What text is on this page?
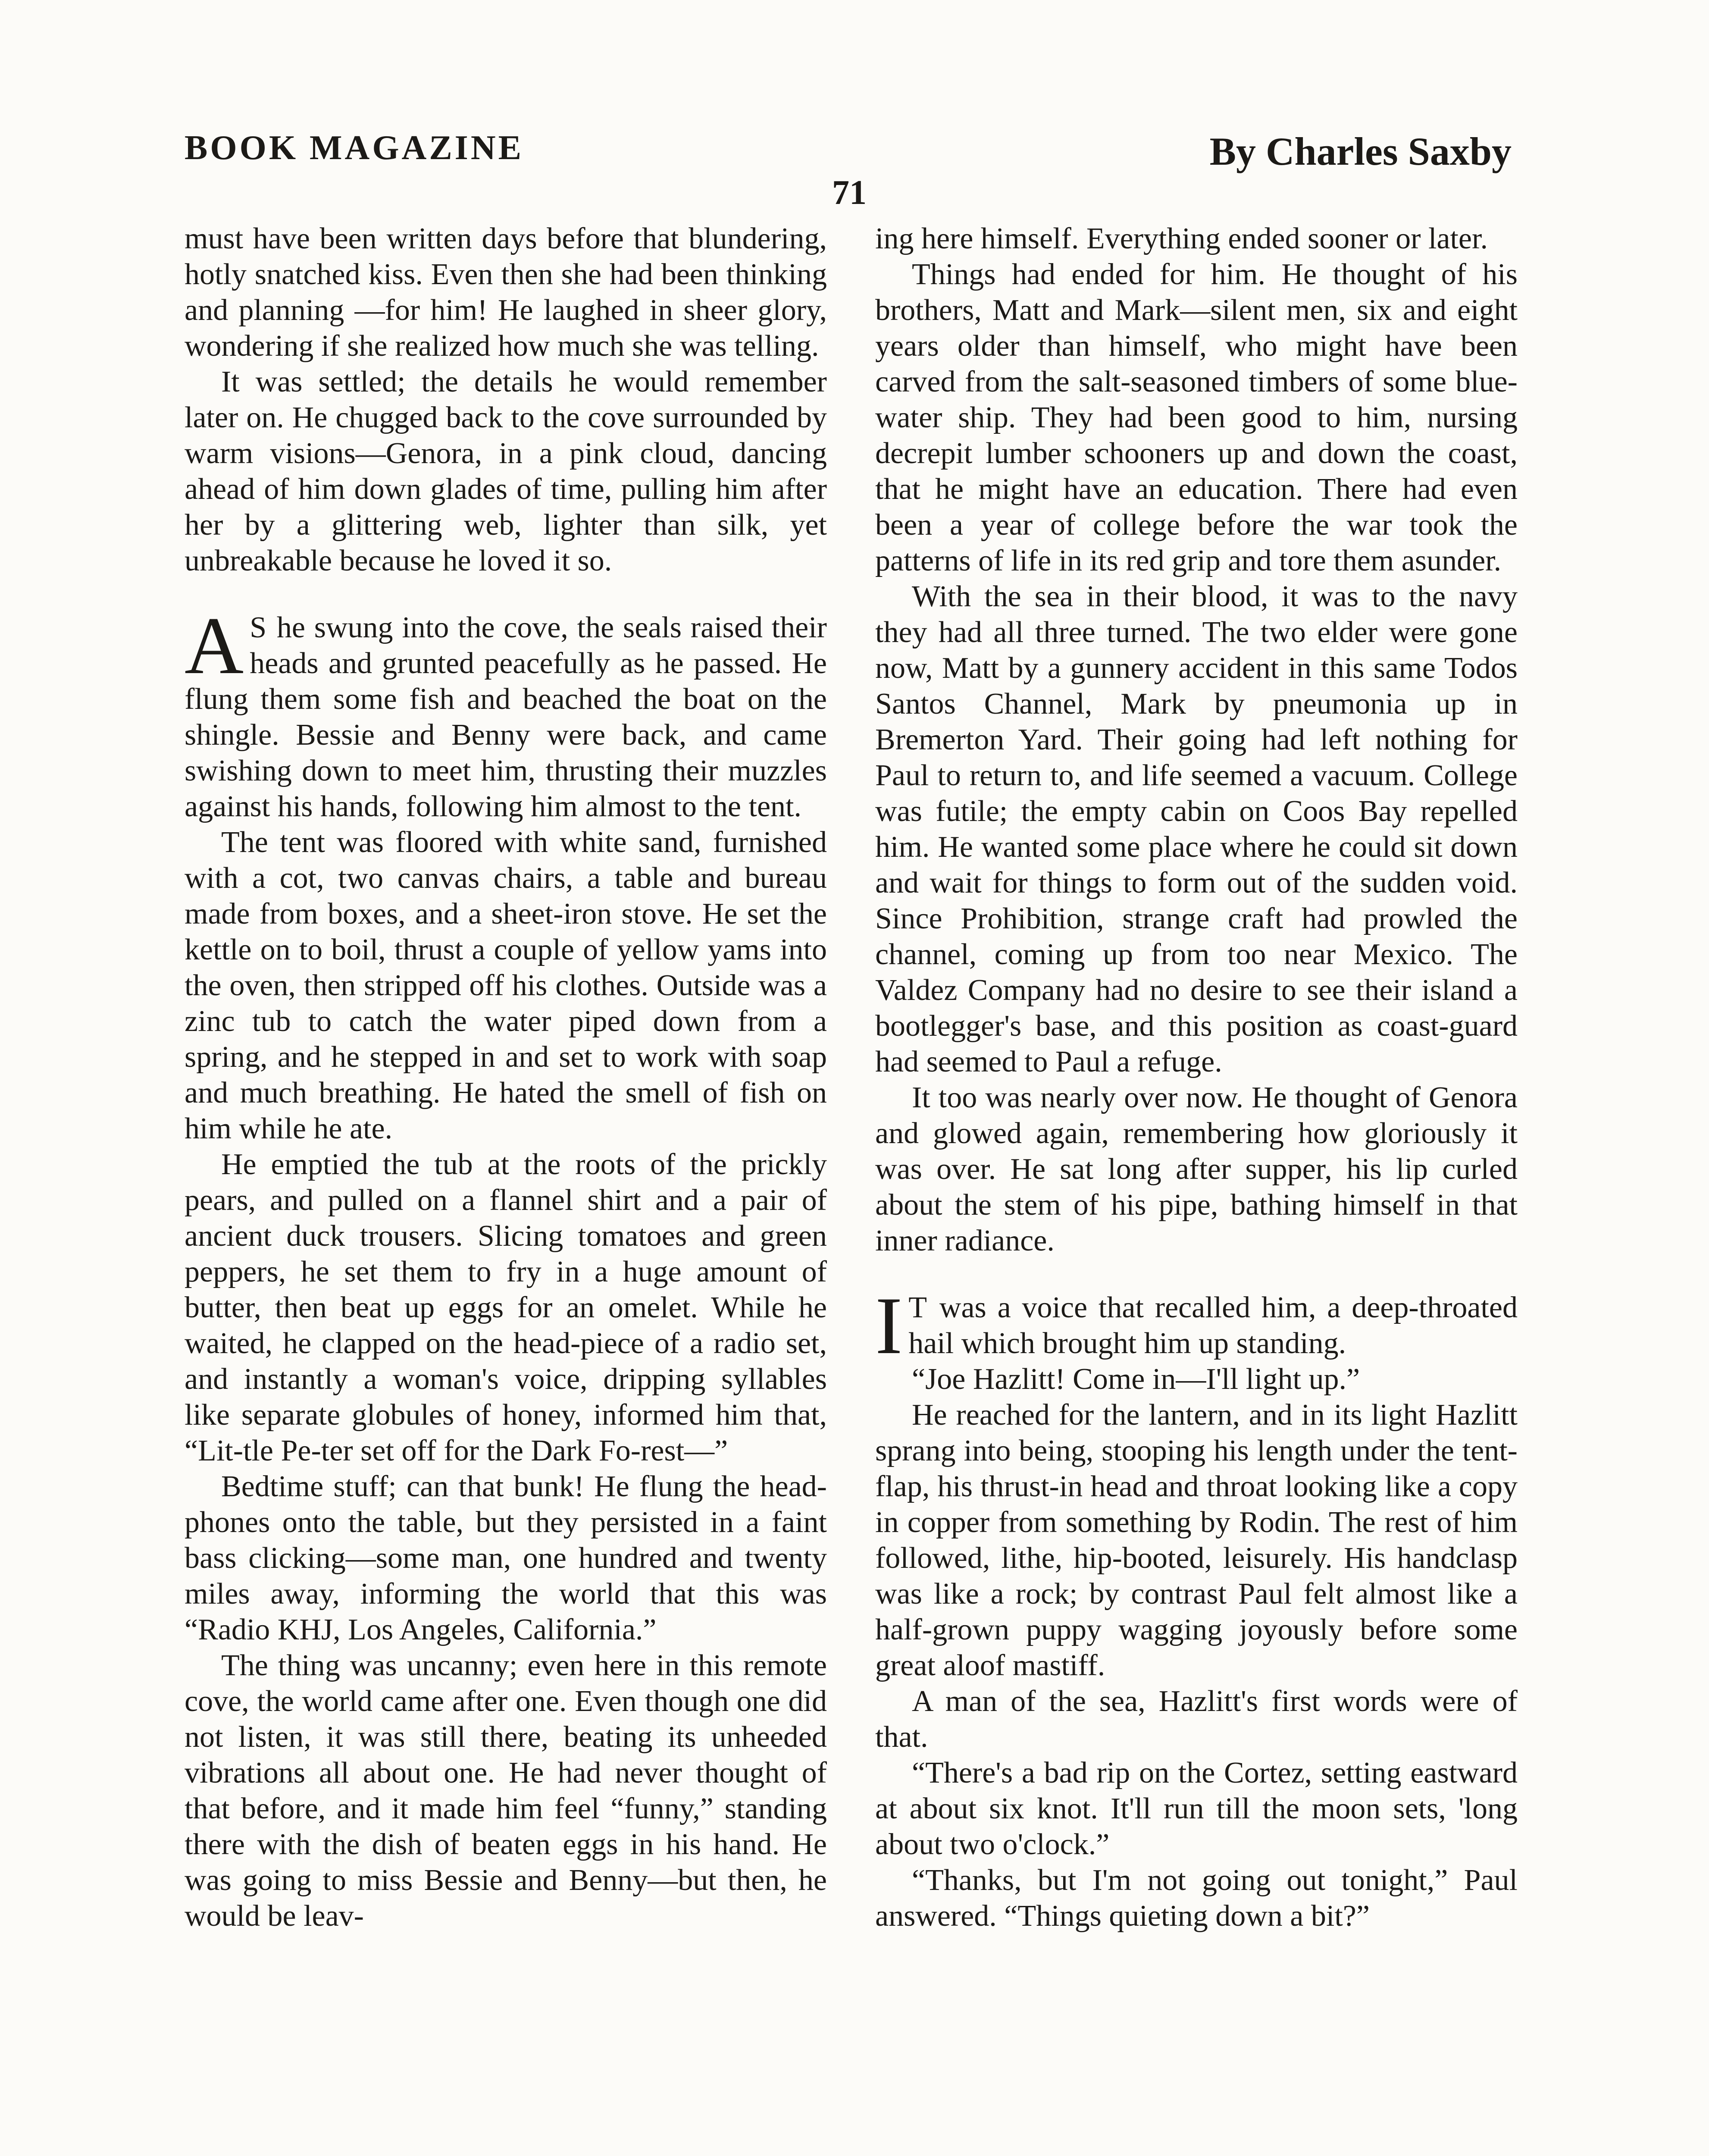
BOOK MAGAZINE	By Charles Saxby
71

must have been written days before that blundering, hotly snatched kiss. Even then she had been thinking and planning —for him! He laughed in sheer glory, wondering if she realized how much she was telling.

It was settled; the details he would remember later on. He chugged back to the cove surrounded by warm visions—Genora, in a pink cloud, dancing ahead of him down glades of time, pulling him after her by a glittering web, lighter than silk, yet unbreakable because he loved it so.

A S he swung into the cove, the seals raised their heads and grunted peacefully as he passed. He flung them some fish and beached the boat on the shingle. Bessie and Benny were back, and came swishing down to meet him, thrusting their muzzles against his hands, following him almost to the tent.

The tent was floored with white sand, furnished with a cot, two canvas chairs, a table and bureau made from boxes, and a sheet-iron stove. He set the kettle on to boil, thrust a couple of yellow yams into the oven, then stripped off his clothes. Outside was a zinc tub to catch the water piped down from a spring, and he stepped in and set to work with soap and much breathing. He hated the smell of fish on him while he ate.

He emptied the tub at the roots of the prickly pears, and pulled on a flannel shirt and a pair of ancient duck trousers. Slicing tomatoes and green peppers, he set them to fry in a huge amount of butter, then beat up eggs for an omelet. While he waited, he clapped on the head-piece of a radio set, and instantly a woman's voice, dripping syllables like separate globules of honey, informed him that, “Lit-tle Pe-ter set off for the Dark Fo-rest—”

Bedtime stuff; can that bunk! He flung the head-phones onto the table, but they persisted in a faint bass clicking—some man, one hundred and twenty miles away, informing the world that this was “Radio KHJ, Los Angeles, California.”

The thing was uncanny; even here in this remote cove, the world came after one. Even though one did not listen, it was still there, beating its unheeded vibrations all about one. He had never thought of that before, and it made him feel “funny,” standing there with the dish of beaten eggs in his hand. He was going to miss Bessie and Benny—but then, he would be leav-

ing here himself. Everything ended sooner or later.

Things had ended for him. He thought of his brothers, Matt and Mark—silent men, six and eight years older than himself, who might have been carved from the salt-seasoned timbers of some blue-water ship. They had been good to him, nursing decrepit lumber schooners up and down the coast, that he might have an education. There had even been a year of college before the war took the patterns of life in its red grip and tore them asunder.

With the sea in their blood, it was to the navy they had all three turned. The two elder were gone now, Matt by a gunnery accident in this same Todos Santos Channel, Mark by pneumonia up in Bremerton Yard. Their going had left nothing for Paul to return to, and life seemed a vacuum. College was futile; the empty cabin on Coos Bay repelled him. He wanted some place where he could sit down and wait for things to form out of the sudden void. Since Prohibition, strange craft had prowled the channel, coming up from too near Mexico. The Valdez Company had no desire to see their island a bootlegger's base, and this position as coast-guard had seemed to Paul a refuge.

It too was nearly over now. He thought of Genora and glowed again, remembering how gloriously it was over. He sat long after supper, his lip curled about the stem of his pipe, bathing himself in that inner radiance.

I T was a voice that recalled him, a deep-throated hail which brought him up standing.

“Joe Hazlitt! Come in—I'll light up.”

He reached for the lantern, and in its light Hazlitt sprang into being, stooping his length under the tent-flap, his thrust-in head and throat looking like a copy in copper from something by Rodin. The rest of him followed, lithe, hip-booted, leisurely. His handclasp was like a rock; by contrast Paul felt almost like a half-grown puppy wagging joyously before some great aloof mastiff.

A man of the sea, Hazlitt's first words were of that.

“There's a bad rip on the Cortez, setting eastward at about six knot. It'll run till the moon sets, 'long about two o'clock.”

“Thanks, but I'm not going out tonight,” Paul answered. “Things quieting down a bit?”
